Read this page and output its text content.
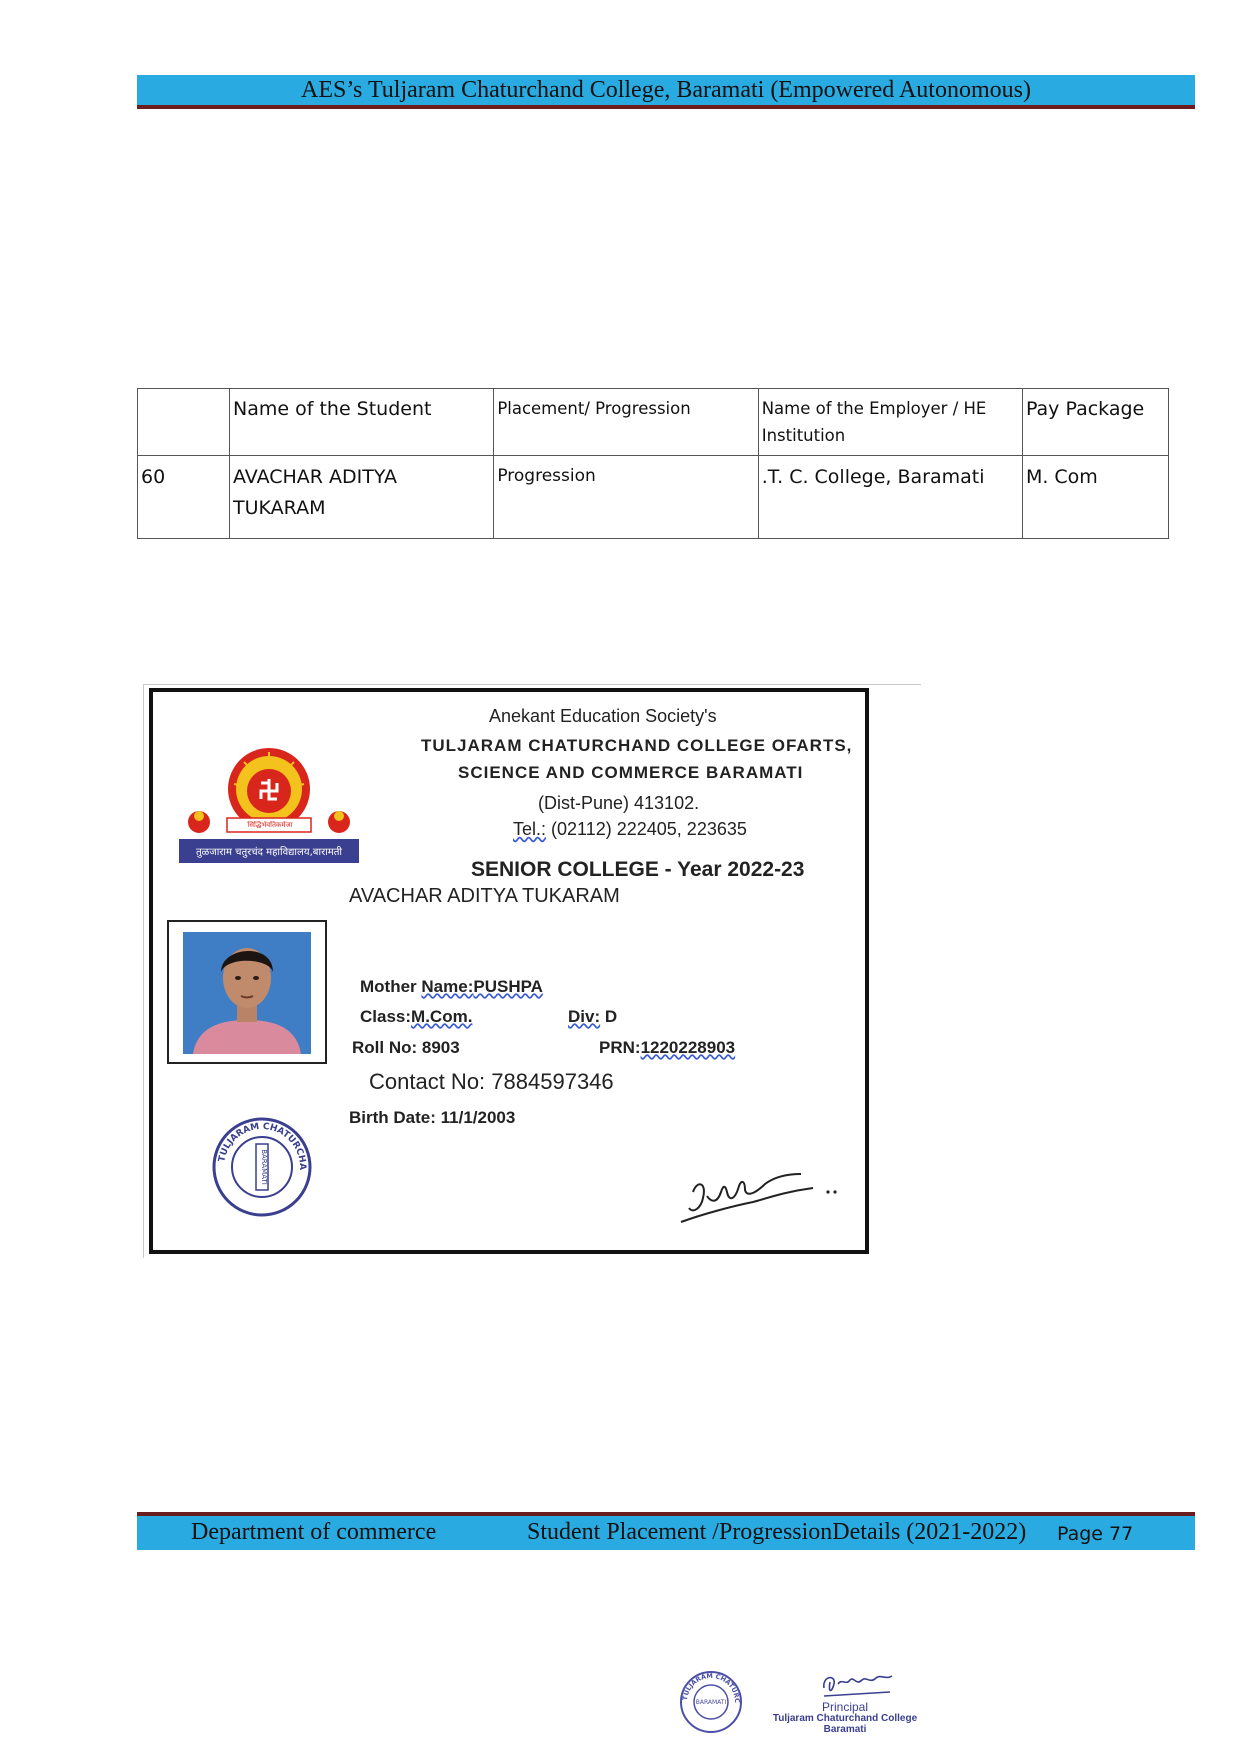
AES’s Tuljaram Chaturchand College, Baramati (Empowered Autonomous)
	Name of the Student	Placement/ Progression	Name of the Employer / HE Institution	Pay Package
60	AVACHAR ADITYA TUKARAM	Progression	.T. C. College, Baramati	M. Com
सिद्धिर्भवतिकर्मजा
तुळजाराम चतुरचंद महाविद्यालय,बारामती
Anekant Education Society's
TULJARAM CHATURCHAND COLLEGE OFARTS,
SCIENCE AND COMMERCE BARAMATI
(Dist-Pune) 413102.
Tel.: (02112) 222405, 223635
SENIOR COLLEGE - Year 2022-23
AVACHAR ADITYA TUKARAM
Mother Name:PUSHPA
Class:M.Com.	Div: D
Roll No: 8903	PRN:1220228903
Contact No: 7884597346
Birth Date: 11/1/2003
TULJARAM CHATURCHA
BARAMATI
Department of commerce	Student Placement /ProgressionDetails (2021-2022) Page 77
TULJARAM CHATURC
BARAMATI	Principal
Tuljaram Chaturchand College
Baramati
